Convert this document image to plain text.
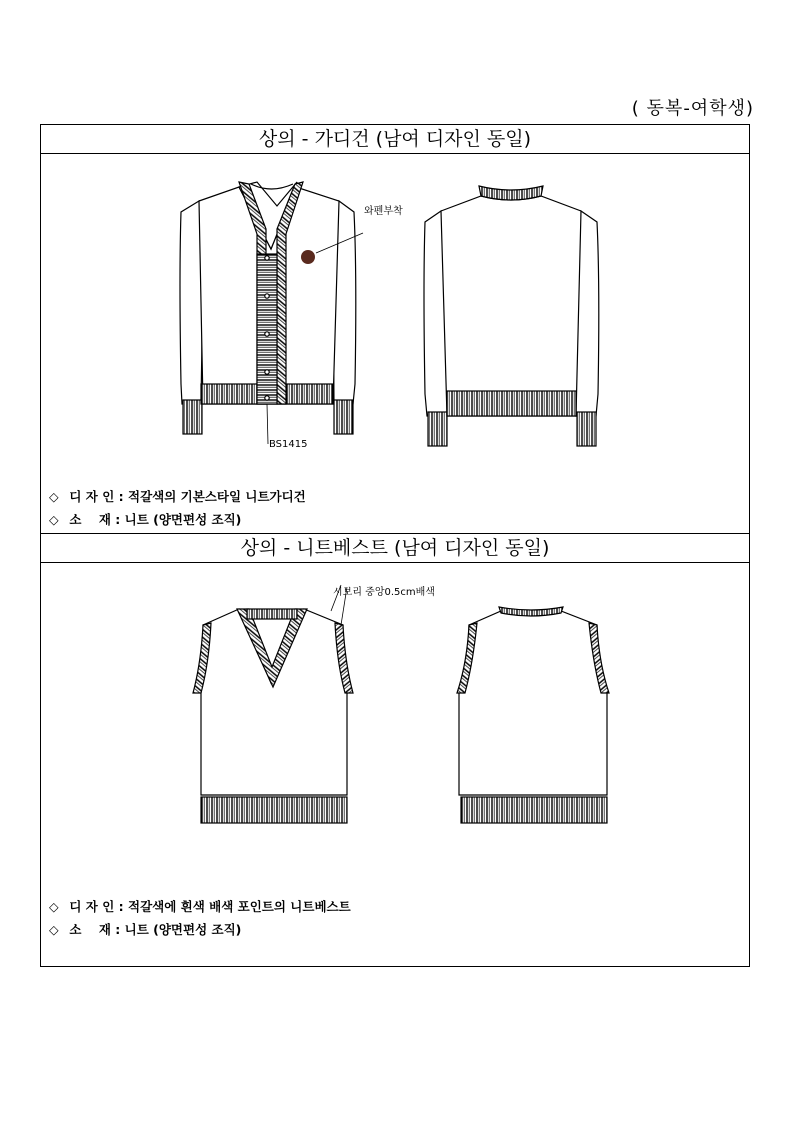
( 동복-여학생)
상의 - 가디건 (남여 디자인 동일)
와펜부착
BS1415
◇ 디 자 인 : 적갈색의 기본스타일 니트가디건
◇ 소    재 : 니트 (양면편성 조직)
상의 - 니트베스트 (남여 디자인 동일)
시보리 중앙0.5cm배색
◇ 디 자 인 : 적갈색에 흰색 배색 포인트의 니트베스트
◇ 소    재 : 니트 (양면편성 조직)
